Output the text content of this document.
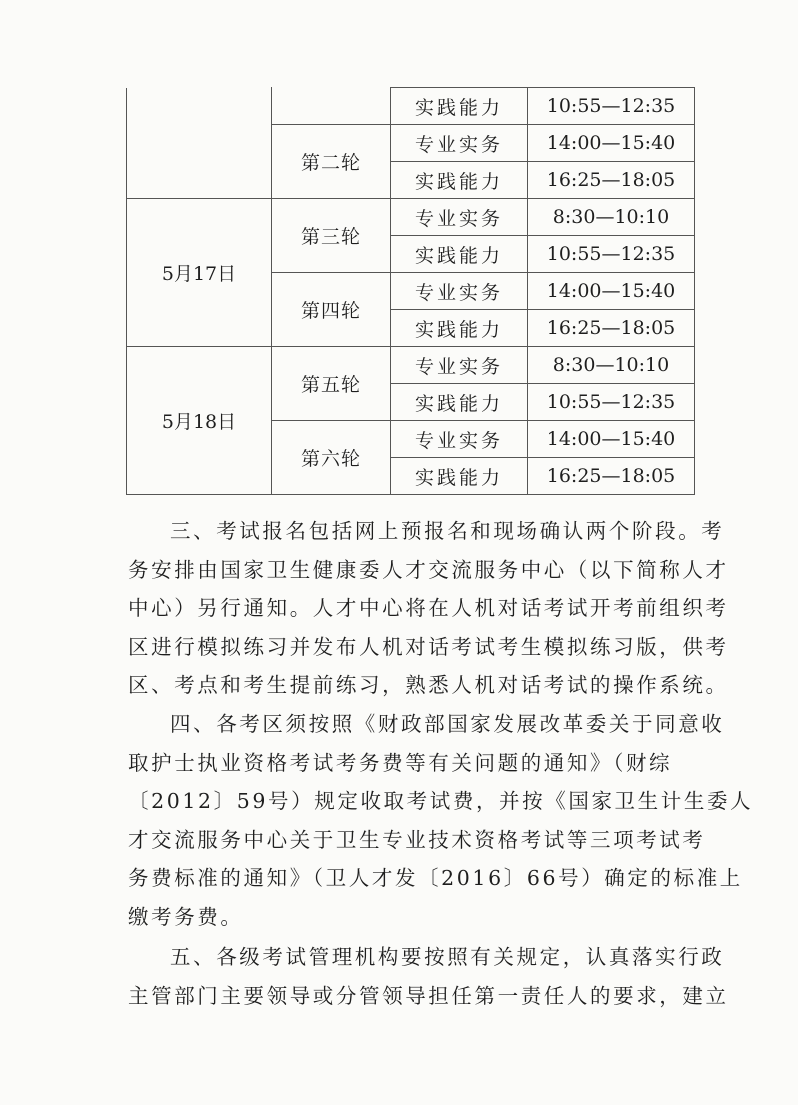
		实践能力	10:55—12:35
	第二轮	专业实务	14:00—15:40
		实践能力	16:25—18:05
5月17日	第三轮	专业实务	8:30—10:10
		实践能力	10:55—12:35
	第四轮	专业实务	14:00—15:40
		实践能力	16:25—18:05
5月18日	第五轮	专业实务	8:30—10:10
		实践能力	10:55—12:35
	第六轮	专业实务	14:00—15:40
		实践能力	16:25—18:05
三、考试报名包括网上预报名和现场确认两个阶段。考
务安排由国家卫生健康委人才交流服务中心（以下简称人才
中心）另行通知。人才中心将在人机对话考试开考前组织考
区进行模拟练习并发布人机对话考试考生模拟练习版，供考
区、考点和考生提前练习，熟悉人机对话考试的操作系统。
四、各考区须按照《财政部国家发展改革委关于同意收
取护士执业资格考试考务费等有关问题的通知》（财综
〔2012〕59号）规定收取考试费，并按《国家卫生计生委人
才交流服务中心关于卫生专业技术资格考试等三项考试考
务费标准的通知》（卫人才发〔2016〕66号）确定的标准上
缴考务费。
五、各级考试管理机构要按照有关规定，认真落实行政
主管部门主要领导或分管领导担任第一责任人的要求，建立
